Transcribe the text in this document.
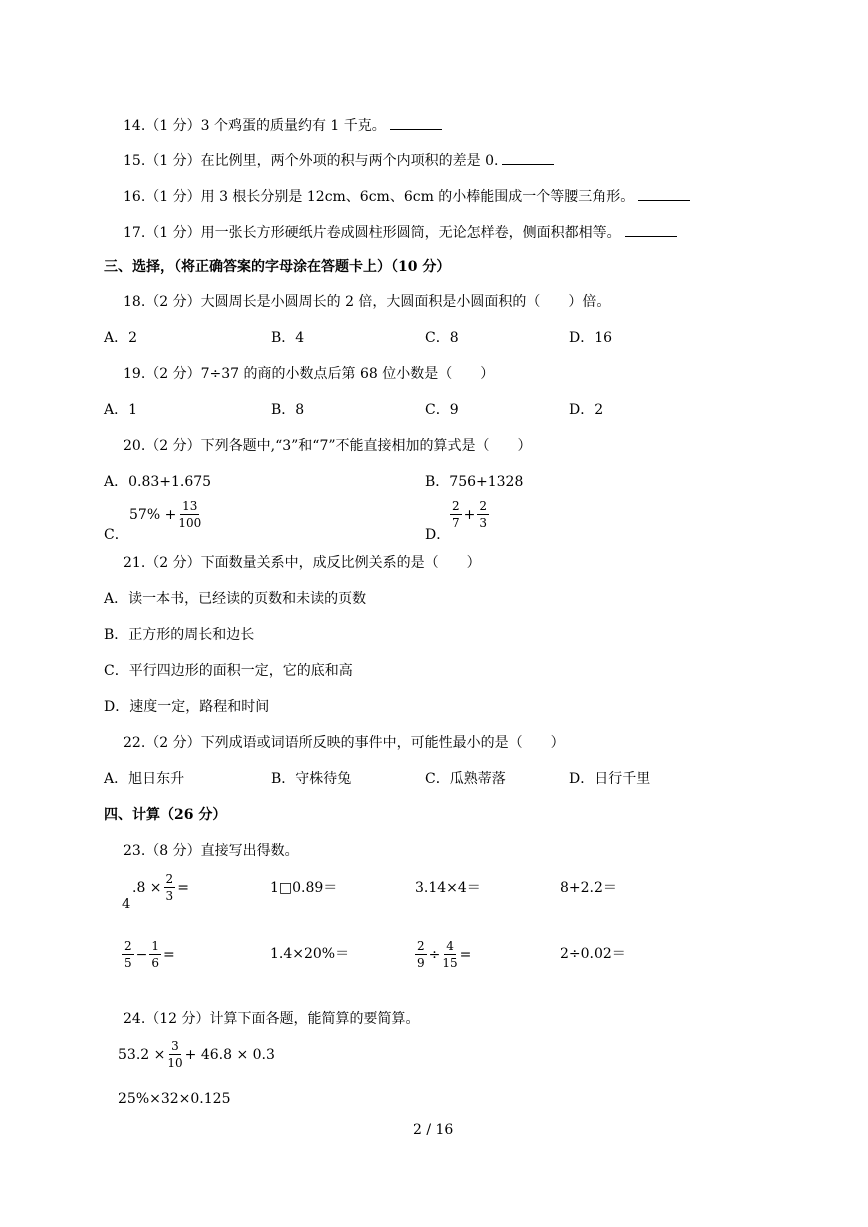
14.（1 分）3 个鸡蛋的质量约有 1 千克。
15.（1 分）在比例里，两个外项的积与两个内项积的差是 0.
16.（1 分）用 3 根长分别是 12cm、6cm、6cm 的小棒能围成一个等腰三角形。
17.（1 分）用一张长方形硬纸片卷成圆柱形圆筒，无论怎样卷，侧面积都相等。
三、选择，（将正确答案的字母涂在答题卡上）（10 分）
18.（2 分）大圆周长是小圆周长的 2 倍，大圆面积是小圆面积的（　　）倍。
A．2	B．4	C．8	D．16
19.（2 分）7÷37 的商的小数点后第 68 位小数是（　　）
A．1	B．8	C．9	D．2
20.（2 分）下列各题中,“3”和“7”不能直接相加的算式是（　　）
A．0.83+1.675	B．756+1328
C．
$57\% + \frac{13}{100}$
D．
$\frac{2}{7} + \frac{2}{3}$
21.（2 分）下面数量关系中，成反比例关系的是（　　）
A．读一本书，已经读的页数和未读的页数
B．正方形的周长和边长
C．平行四边形的面积一定，它的底和高
D．速度一定，路程和时间
22.（2 分）下列成语或词语所反映的事件中，可能性最小的是（　　）
A．旭日东升	B．守株待兔	C．瓜熟蒂落	D．日行千里
四、计算（26 分）
23.（8 分）直接写出得数。
4
$.8 \times \frac{2}{3}$ =	1□0.89＝	3.14×4＝	8+2.2＝
$\frac{2}{5} - \frac{1}{6}$ =	1.4×20%＝	$\frac{2}{9} \div \frac{4}{15}$ =	2÷0.02＝
24.（12 分）计算下面各题，能简算的要简算。
$53.2 \times \frac{3}{10} + 46.8 \times 0.3$
25%×32×0.125
2 / 16
